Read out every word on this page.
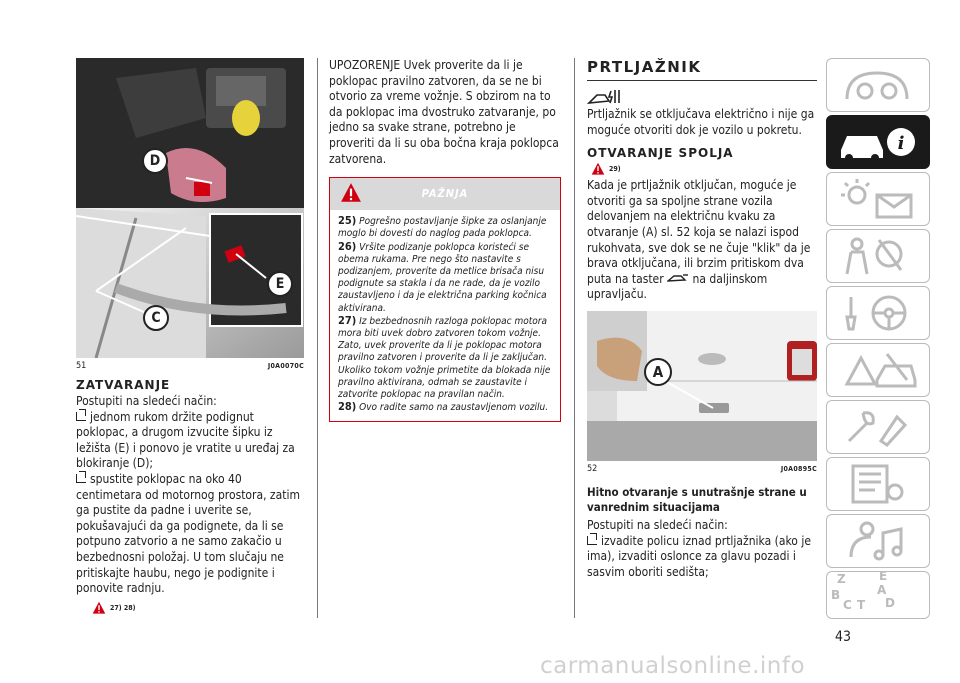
D
E
C
51	J0A0070C
ZATVARANJE

Postupiti na sledeći način:

jednom rukom držite podignut poklopac, a drugom izvucite šipku iz ležišta (E) i ponovo je vratite u uređaj za blokiranje (D);

spustite poklopac na oko 40 centimetara od motornog prostora, zatim ga pustite da padne i uverite se, pokušavajući da ga podignete, da li se potpuno zatvorio a ne samo zakačio u bezbednosni položaj. U tom slučaju ne pritiskajte haubu, nego je podignite i ponovite radnju.

27) 28)

UPOZORENJE Uvek proverite da li je poklopac pravilno zatvoren, da se ne bi otvorio za vreme vožnje. S obzirom na to da poklopac ima dvostruko zatvaranje, po jedno sa svake strane, potrebno je proveriti da li su oba bočna kraja poklopca zatvorena.

PAŽNJA
25) Pogrešno postavljanje šipke za oslanjanje moglo bi dovesti do naglog pada poklopca.
26) Vršite podizanje poklopca koristeći se obema rukama. Pre nego što nastavite s podizanjem, proverite da metlice brisača nisu podignute sa stakla i da ne rade, da je vozilo zaustavljeno i da je električna parking kočnica aktivirana.
27) Iz bezbednosnih razloga poklopac motora mora biti uvek dobro zatvoren tokom vožnje. Zato, uvek proverite da li je poklopac motora pravilno zatvoren i proverite da li je zaključan. Ukoliko tokom vožnje primetite da blokada nije pravilno aktivirana, odmah se zaustavite i zatvorite poklopac na pravilan način.
28) Ovo radite samo na zaustavljenom vozilu.
PRTLJAŽNIK

Prtljažnik se otključava električno i nije ga moguće otvoriti dok je vozilo u pokretu.

OTVARANJE SPOLJA
29)

Kada je prtljažnik otključan, moguće je otvoriti ga sa spoljne strane vozila delovanjem na električnu kvaku za otvaranje (A) sl. 52 koja se nalazi ispod rukohvata, sve dok se ne čuje "klik" da je brava otključana, ili brzim pritiskom dva puta na taster na daljinskom upravljaču.

A
52	J0A0895C
Hitno otvaranje s unutrašnje strane u vanrednim situacijama

Postupiti na sledeći način:

izvadite policu iznad prtljažnika (ako je ima), izvaditi oslonce za glavu pozadi i sasvim oboriti sedišta;

i
Z	E
B	A
C T D
43
carmanualsonline.info
